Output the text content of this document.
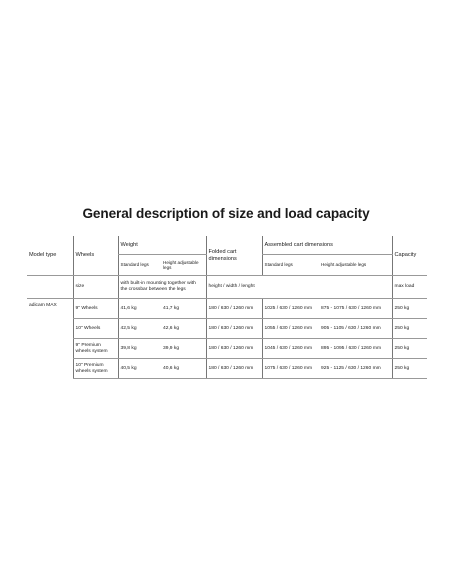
General description of size and load capacity
Model type	Wheels	Weight		Folded cart dimensions	Assembled cart dimensions		Capacity
		Standard legs	Height adjustable legs		Standard legs	Height adjustable legs	
	size	with built-in mounting together with the crossbar between the legs		height / width / lenght			max load
adicam MAX	9" Wheels	41,6 kg	41,7 kg	180 / 630 / 1260 mm	1025 / 630 / 1260 mm	875 - 1075 / 630 / 1260 mm	250 kg
	10" Wheels	42,5 kg	42,6 kg	180 / 630 / 1260 mm	1055 / 630 / 1260 mm	905 - 1105 / 630 / 1260 mm	250 kg
	9" Premium wheels system	39,8 kg	39,9 kg	180 / 630 / 1260 mm	1045 / 630 / 1260 mm	895 - 1095 / 630 / 1260 mm	250 kg
	10" Premium wheels system	40,5 kg	40,6 kg	180 / 630 / 1260 mm	1075 / 630 / 1260 mm	925 - 1125 / 630 / 1260 mm	250 kg
